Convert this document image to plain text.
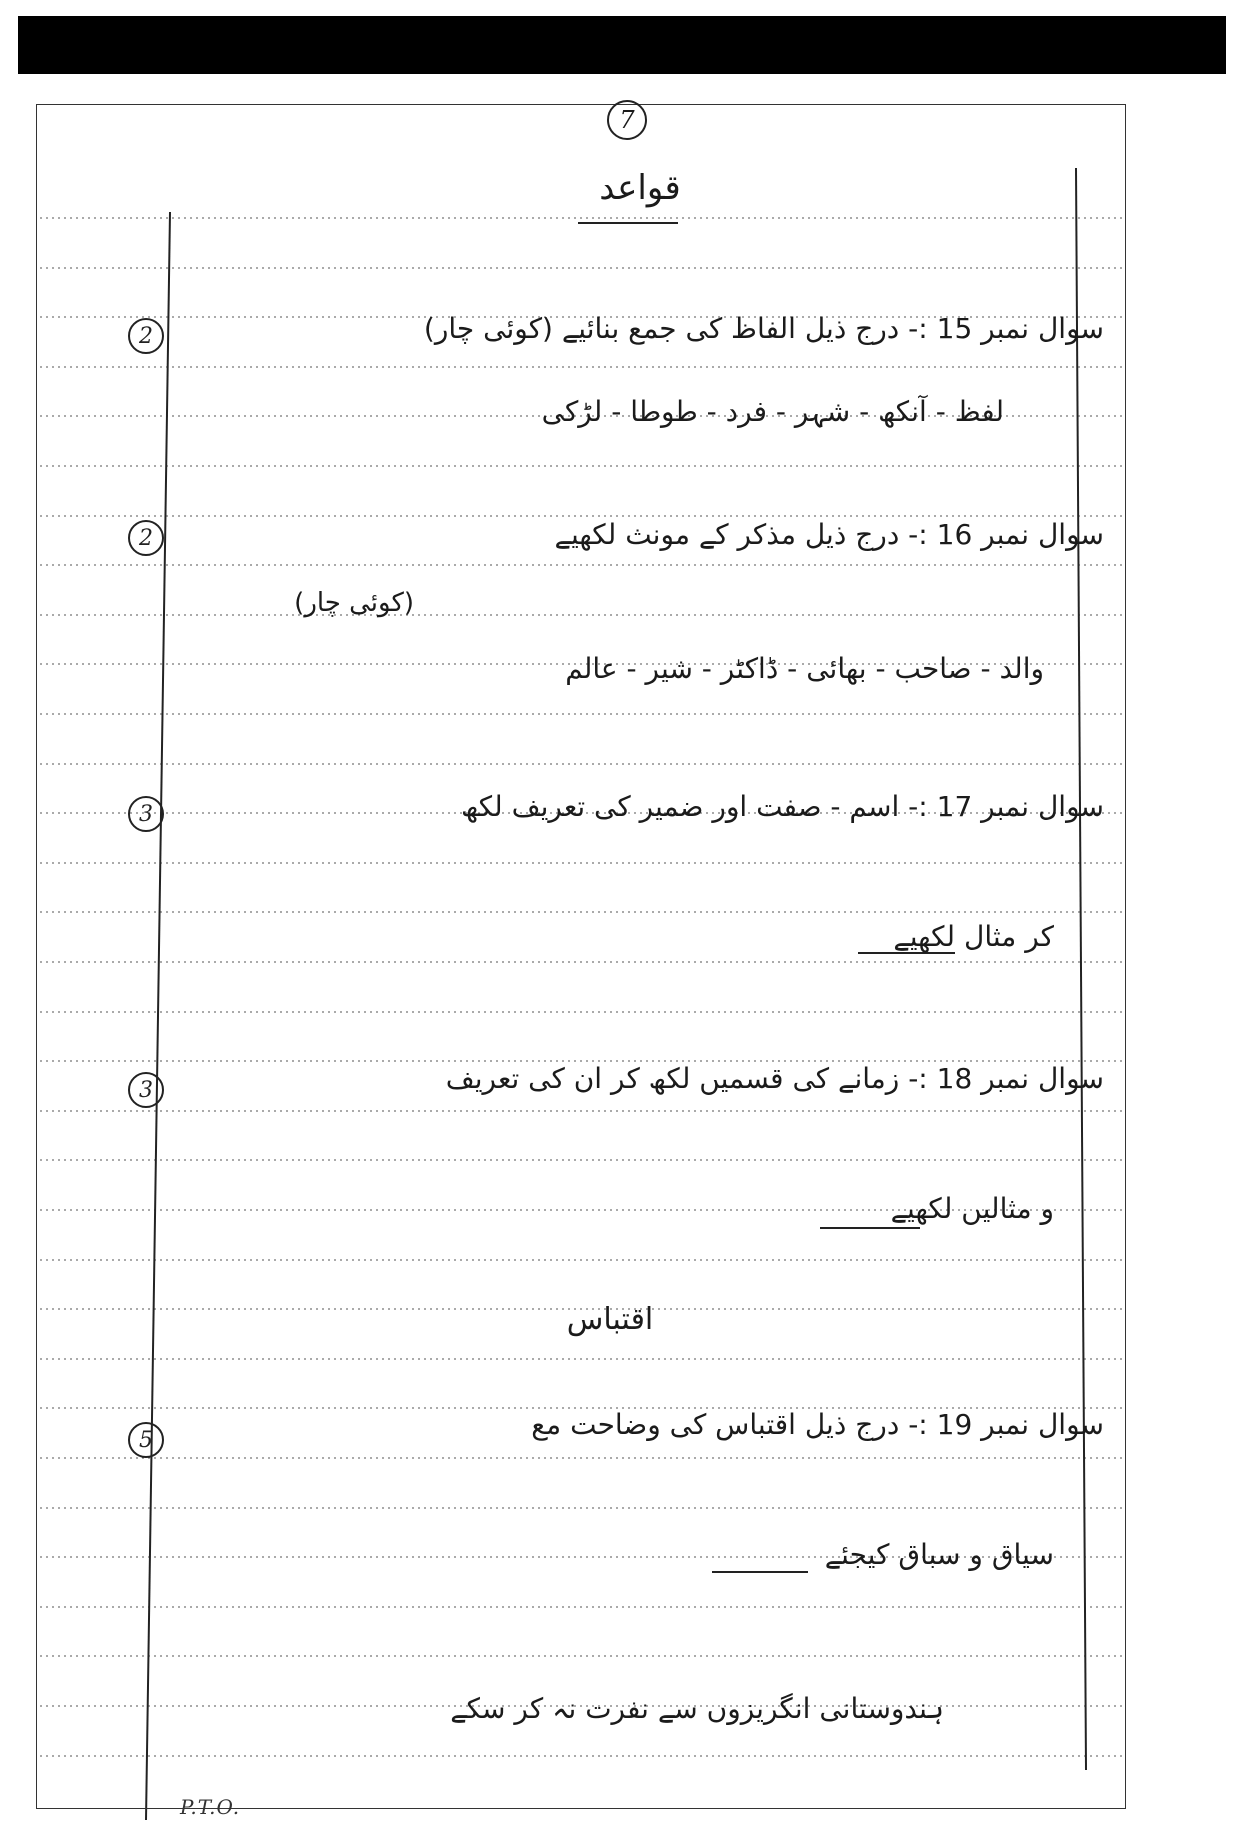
7
قواعد
2	سوال نمبر 15 :- درج ذیل الفاظ کی جمع بنائیے (کوئی چار)
لفظ - آنکھ - شہر - فرد - طوطا - لڑکی
2	سوال نمبر 16 :- درج ذیل مذکر کے مونث لکھیے
(کوئی چار)
والد - صاحب - بھائی - ڈاکٹر - شیر - عالم
3	سوال نمبر 17 :- اسم - صفت اور ضمیر کی تعریف لکھ
کر مثال لکھیے
3	سوال نمبر 18 :- زمانے کی قسمیں لکھ کر ان کی تعریف
و مثالیں لکھیے
اقتباس
5	سوال نمبر 19 :- درج ذیل اقتباس کی وضاحت مع
سیاق و سباق کیجئے
ہندوستانی انگریزوں سے نفرت نہ کر سکے
P.T.O.
